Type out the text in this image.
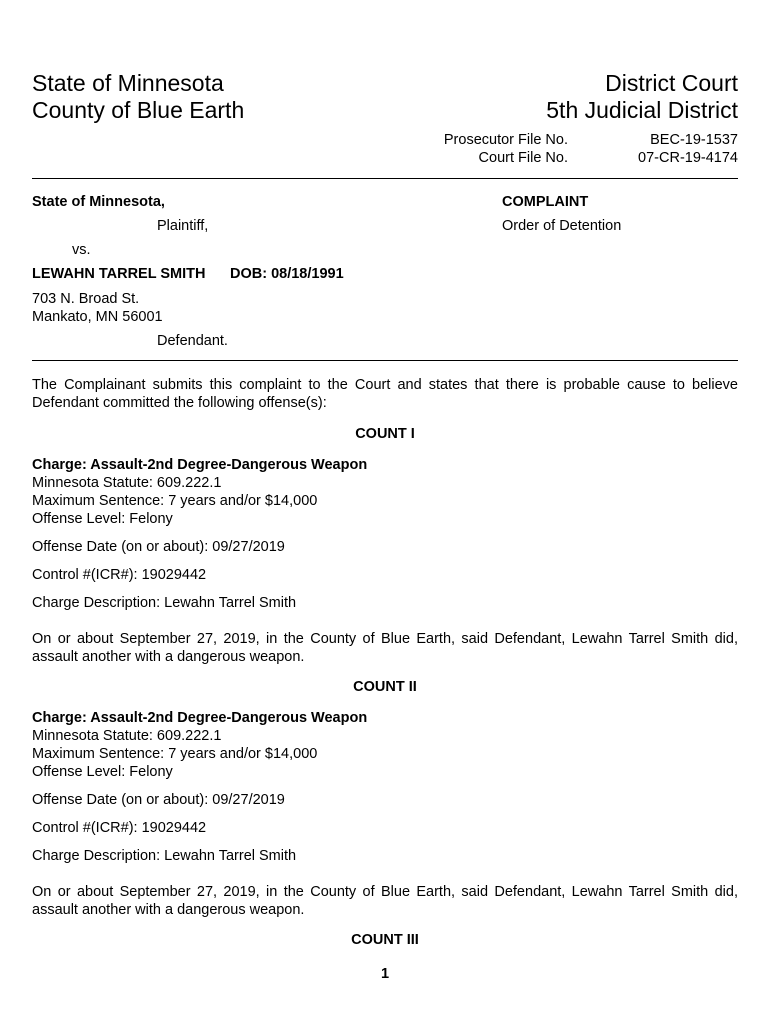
State of Minnesota
County of Blue Earth
District Court
5th Judicial District
Prosecutor File No.	BEC-19-1537
Court File No.	07-CR-19-4174
State of Minnesota,
Plaintiff,
vs.
LEWAHN TARREL SMITH DOB: 08/18/1991
703 N. Broad St.
Mankato, MN 56001
Defendant.
COMPLAINT
Order of Detention
The Complainant submits this complaint to the Court and states that there is probable cause to believe Defendant committed the following offense(s):
COUNT I
Charge: Assault-2nd Degree-Dangerous Weapon
Minnesota Statute: 609.222.1
Maximum Sentence: 7 years and/or $14,000
Offense Level: Felony
Offense Date (on or about): 09/27/2019
Control #(ICR#): 19029442
Charge Description: Lewahn Tarrel Smith
On or about September 27, 2019, in the County of Blue Earth, said Defendant, Lewahn Tarrel Smith did, assault another with a dangerous weapon.
COUNT II
Charge: Assault-2nd Degree-Dangerous Weapon
Minnesota Statute: 609.222.1
Maximum Sentence: 7 years and/or $14,000
Offense Level: Felony
Offense Date (on or about): 09/27/2019
Control #(ICR#): 19029442
Charge Description: Lewahn Tarrel Smith
On or about September 27, 2019, in the County of Blue Earth, said Defendant, Lewahn Tarrel Smith did, assault another with a dangerous weapon.
COUNT III
1
